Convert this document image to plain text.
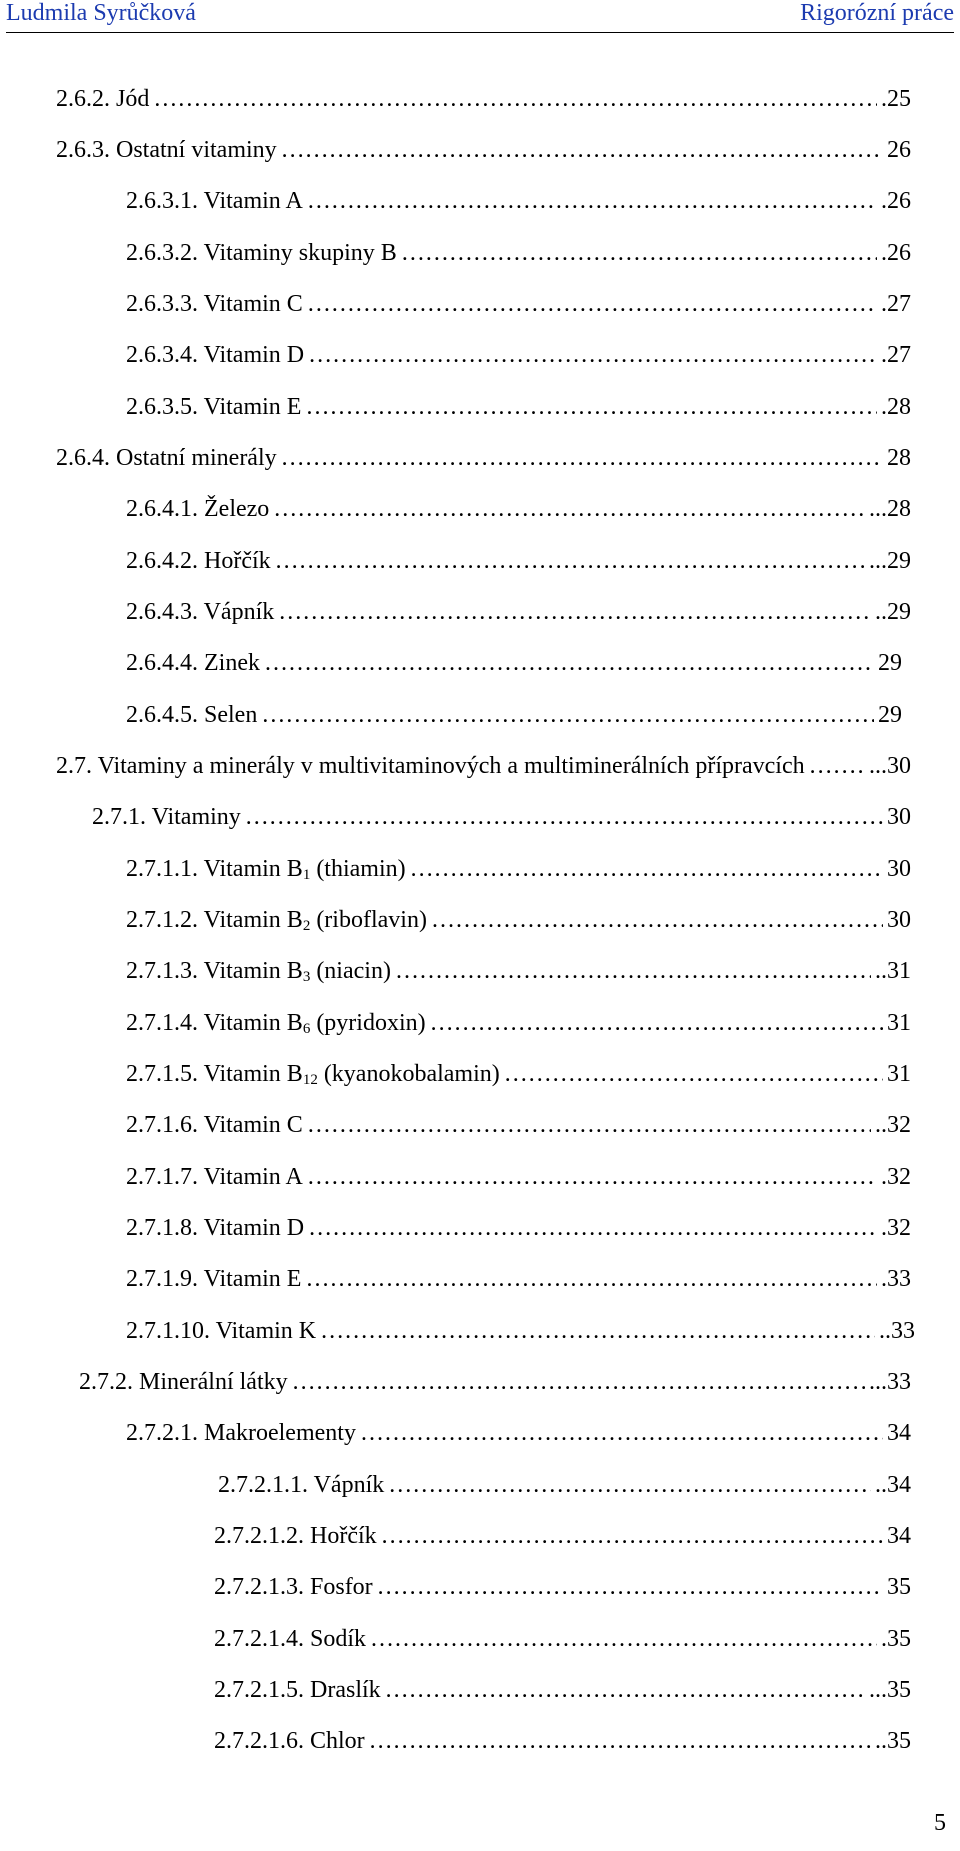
Ludmila Syrůčková	Rigorózní práce
2.6.2. Jód …………………………………………………………………………………………………………………………………………………………………………	.25
2.6.3. Ostatní vitaminy …………………………………………………………………………………………………………………………………………………………………………	26
2.6.3.1. Vitamin A …………………………………………………………………………………………………………………………………………………………………………	.26
2.6.3.2. Vitaminy skupiny B …………………………………………………………………………………………………………………………………………………………………………	.26
2.6.3.3. Vitamin C …………………………………………………………………………………………………………………………………………………………………………	.27
2.6.3.4. Vitamin D …………………………………………………………………………………………………………………………………………………………………………	.27
2.6.3.5. Vitamin E …………………………………………………………………………………………………………………………………………………………………………	.28
2.6.4. Ostatní minerály …………………………………………………………………………………………………………………………………………………………………………	28
2.6.4.1. Železo …………………………………………………………………………………………………………………………………………………………………………	...28
2.6.4.2. Hořčík …………………………………………………………………………………………………………………………………………………………………………	...29
2.6.4.3. Vápník …………………………………………………………………………………………………………………………………………………………………………	..29
2.6.4.4. Zinek …………………………………………………………………………………………………………………………………………………………………………	29
2.6.4.5. Selen …………………………………………………………………………………………………………………………………………………………………………	29
2.7. Vitaminy a minerály v multivitaminových a multiminerálních přípravcích …………………………………………………………………………………………………………………………………………………………………………	...30
2.7.1. Vitaminy …………………………………………………………………………………………………………………………………………………………………………	30
2.7.1.1. Vitamin $B_1$ (thiamin) …………………………………………………………………………………………………………………………………………………………………………	30
2.7.1.2. Vitamin $B_2$ (riboflavin) …………………………………………………………………………………………………………………………………………………………………………	30
2.7.1.3. Vitamin $B_3$ (niacin) …………………………………………………………………………………………………………………………………………………………………………	..31
2.7.1.4. Vitamin $B_6$ (pyridoxin) …………………………………………………………………………………………………………………………………………………………………………	31
2.7.1.5. Vitamin $B_{12}$ (kyanokobalamin) …………………………………………………………………………………………………………………………………………………………………………	31
2.7.1.6. Vitamin C …………………………………………………………………………………………………………………………………………………………………………	..32
2.7.1.7. Vitamin A …………………………………………………………………………………………………………………………………………………………………………	.32
2.7.1.8. Vitamin D …………………………………………………………………………………………………………………………………………………………………………	.32
2.7.1.9. Vitamin E …………………………………………………………………………………………………………………………………………………………………………	.33
2.7.1.10. Vitamin K …………………………………………………………………………………………………………………………………………………………………………	..33
2.7.2. Minerální látky …………………………………………………………………………………………………………………………………………………………………………	...33
2.7.2.1. Makroelementy …………………………………………………………………………………………………………………………………………………………………………	34
2.7.2.1.1. Vápník …………………………………………………………………………………………………………………………………………………………………………	..34
2.7.2.1.2. Hořčík …………………………………………………………………………………………………………………………………………………………………………	34
2.7.2.1.3. Fosfor …………………………………………………………………………………………………………………………………………………………………………	35
2.7.2.1.4. Sodík …………………………………………………………………………………………………………………………………………………………………………	.35
2.7.2.1.5. Draslík …………………………………………………………………………………………………………………………………………………………………………	...35
2.7.2.1.6. Chlor …………………………………………………………………………………………………………………………………………………………………………	..35
5
